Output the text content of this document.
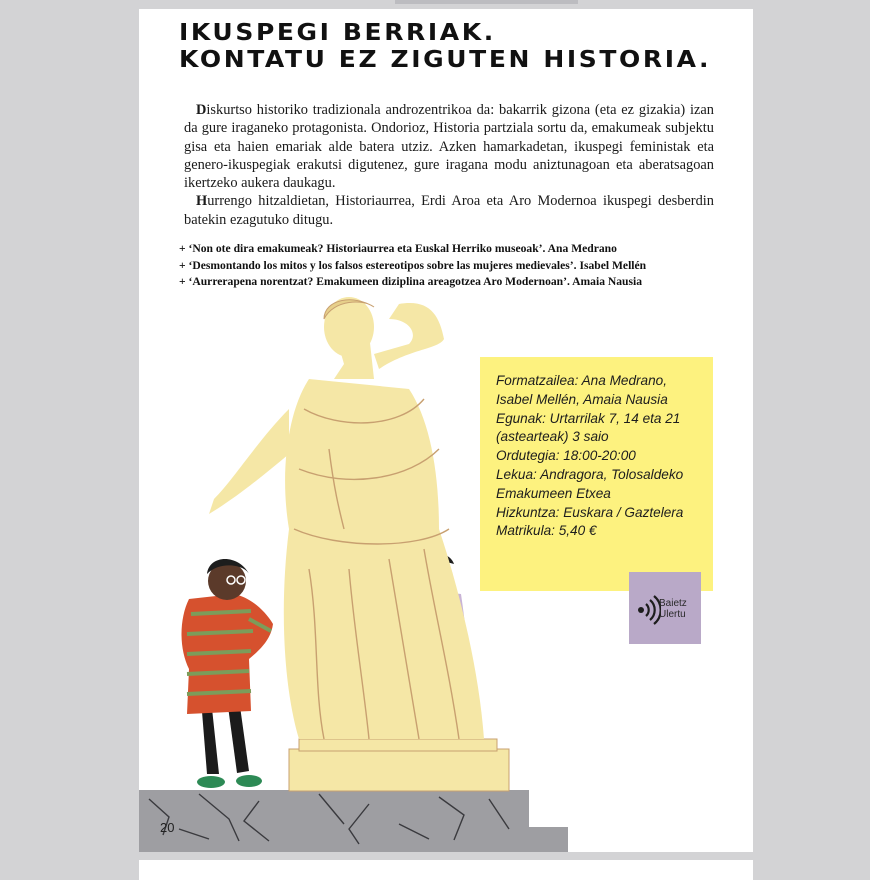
IKUSPEGI BERRIAK.
KONTATU EZ ZIGUTEN HISTORIA.

Diskurtso historiko tradizionala androzentrikoa da: bakarrik gizona (eta ez gizakia) izan da gure iraganeko protagonista. Ondorioz, Historia partziala sortu da, emakumeak subjektu gisa eta haien emariak alde batera utziz. Azken hamarkadetan, ikuspegi feministak eta genero-ikuspegiak erakutsi digutenez, gure iragana modu aniztunagoan eta aberatsagoan ikertzeko aukera daukagu.

Hurrengo hitzaldietan, Historiaurrea, Erdi Aroa eta Aro Modernoa ikuspegi desberdin batekin ezagutuko ditugu.

+ ‘Non ote dira emakumeak? Historiaurrea eta Euskal Herriko museoak’. Ana Medrano
+ ‘Desmontando los mitos y los falsos estereotipos sobre las mujeres medievales’. Isabel Mellén
+ ‘Aurrerapena norentzat? Emakumeen diziplina areagotzea Aro Modernoan’. Amaia Nausia
Formatzailea: Ana Medrano,
Isabel Mellén, Amaia Nausia
Egunak: Urtarrilak 7, 14 eta 21
(astearteak) 3 saio
Ordutegia: 18:00-20:00
Lekua: Andragora, Tolosaldeko
Emakumeen Etxea
Hizkuntza: Euskara / Gaztelera
Matrikula: 5,40 €
Baietz
Ulertu
20
